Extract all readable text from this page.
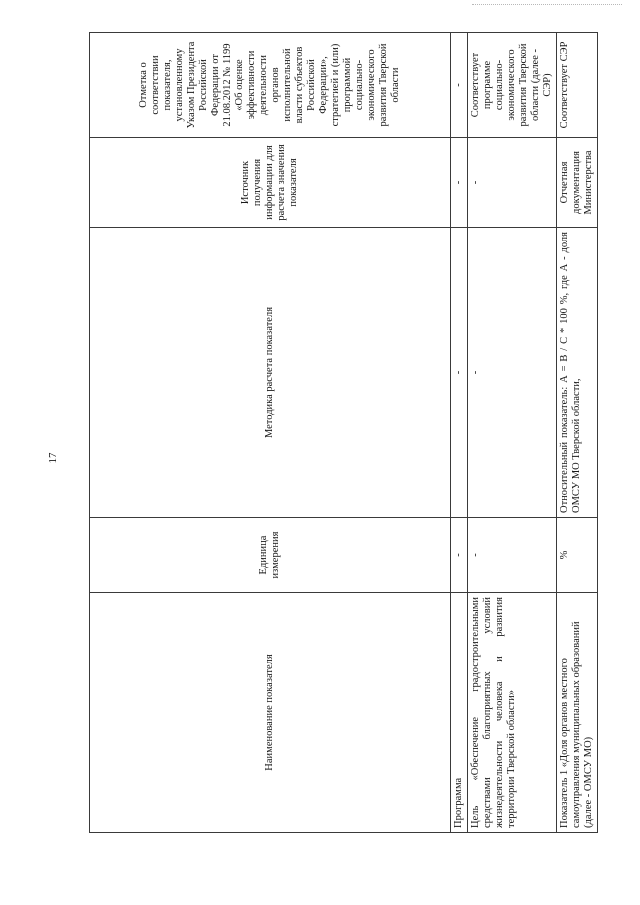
17
Наименование показателя	Единица измерения	Методика расчета показателя	Источник получения информации для расчета значения показателя	Отметка о соответствии показателя, установленному Указом Президента Российской Федерации от 21.08.2012 № 1199 «Об оценке эффективности деятельности органов исполнительной власти субъектов Российской Федерации», стратегией и (или) программой социально-экономического развития Тверской области
Программа	-	-	-	-
Цель «Обеспечение градостроительными средствами благоприятных условий жизнедеятельности человека и развития территории Тверской области»	-	-	-	Соответствует программе социально-экономического развития Тверской области (далее - СЭР)
Показатель 1 «Доля органов местного самоуправления муниципальных образований (далее - ОМСУ МО)	%	Относительный показатель: А = В / С * 100 %, где А - доля ОМСУ МО Тверской области,	Отчетная документация Министерства	Соответствует СЭР
